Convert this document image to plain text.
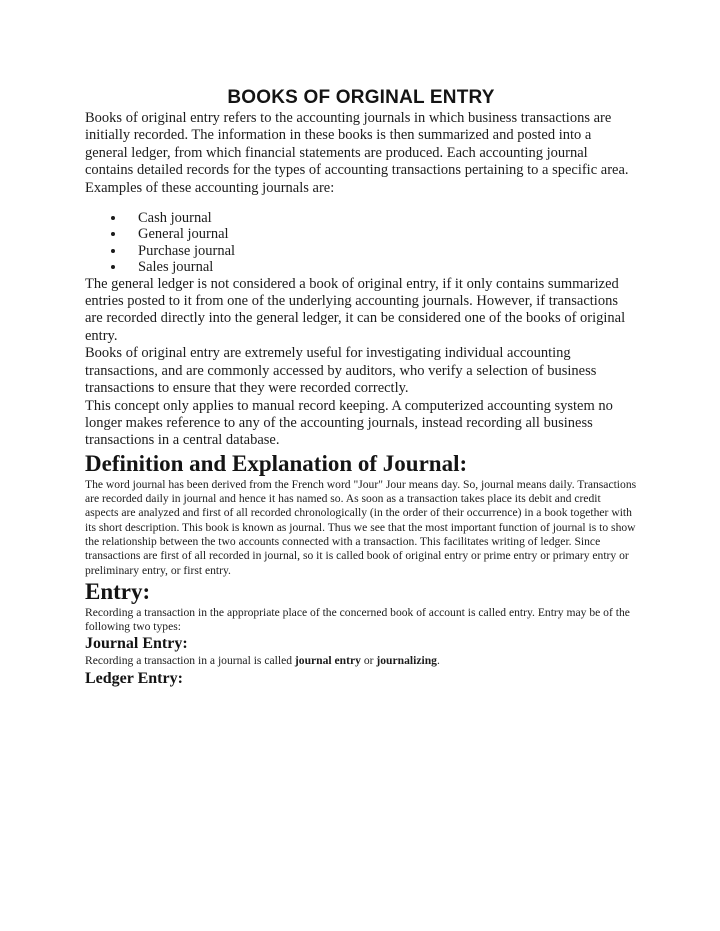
BOOKS OF ORGINAL ENTRY

Books of original entry refers to the accounting journals in which business transactions are initially recorded. The information in these books is then summarized and posted into a general ledger, from which financial statements are produced. Each accounting journal contains detailed records for the types of accounting transactions pertaining to a specific area. Examples of these accounting journals are:

• Cash journal
• General journal
• Purchase journal
• Sales journal

The general ledger is not considered a book of original entry, if it only contains summarized entries posted to it from one of the underlying accounting journals. However, if transactions are recorded directly into the general ledger, it can be considered one of the books of original entry.

Books of original entry are extremely useful for investigating individual accounting transactions, and are commonly accessed by auditors, who verify a selection of business transactions to ensure that they were recorded correctly.

This concept only applies to manual record keeping. A computerized accounting system no longer makes reference to any of the accounting journals, instead recording all business transactions in a central database.

Definition and Explanation of Journal:

The word journal has been derived from the French word "Jour" Jour means day. So, journal means daily. Transactions are recorded daily in journal and hence it has named so. As soon as a transaction takes place its debit and credit aspects are analyzed and first of all recorded chronologically (in the order of their occurrence) in a book together with its short description. This book is known as journal. Thus we see that the most important function of journal is to show the relationship between the two accounts connected with a transaction. This facilitates writing of ledger. Since transactions are first of all recorded in journal, so it is called book of original entry or prime entry or primary entry or preliminary entry, or first entry.

Entry:

Recording a transaction in the appropriate place of the concerned book of account is called entry. Entry may be of the following two types:

Journal Entry:

Recording a transaction in a journal is called journal entry or journalizing.

Ledger Entry:
